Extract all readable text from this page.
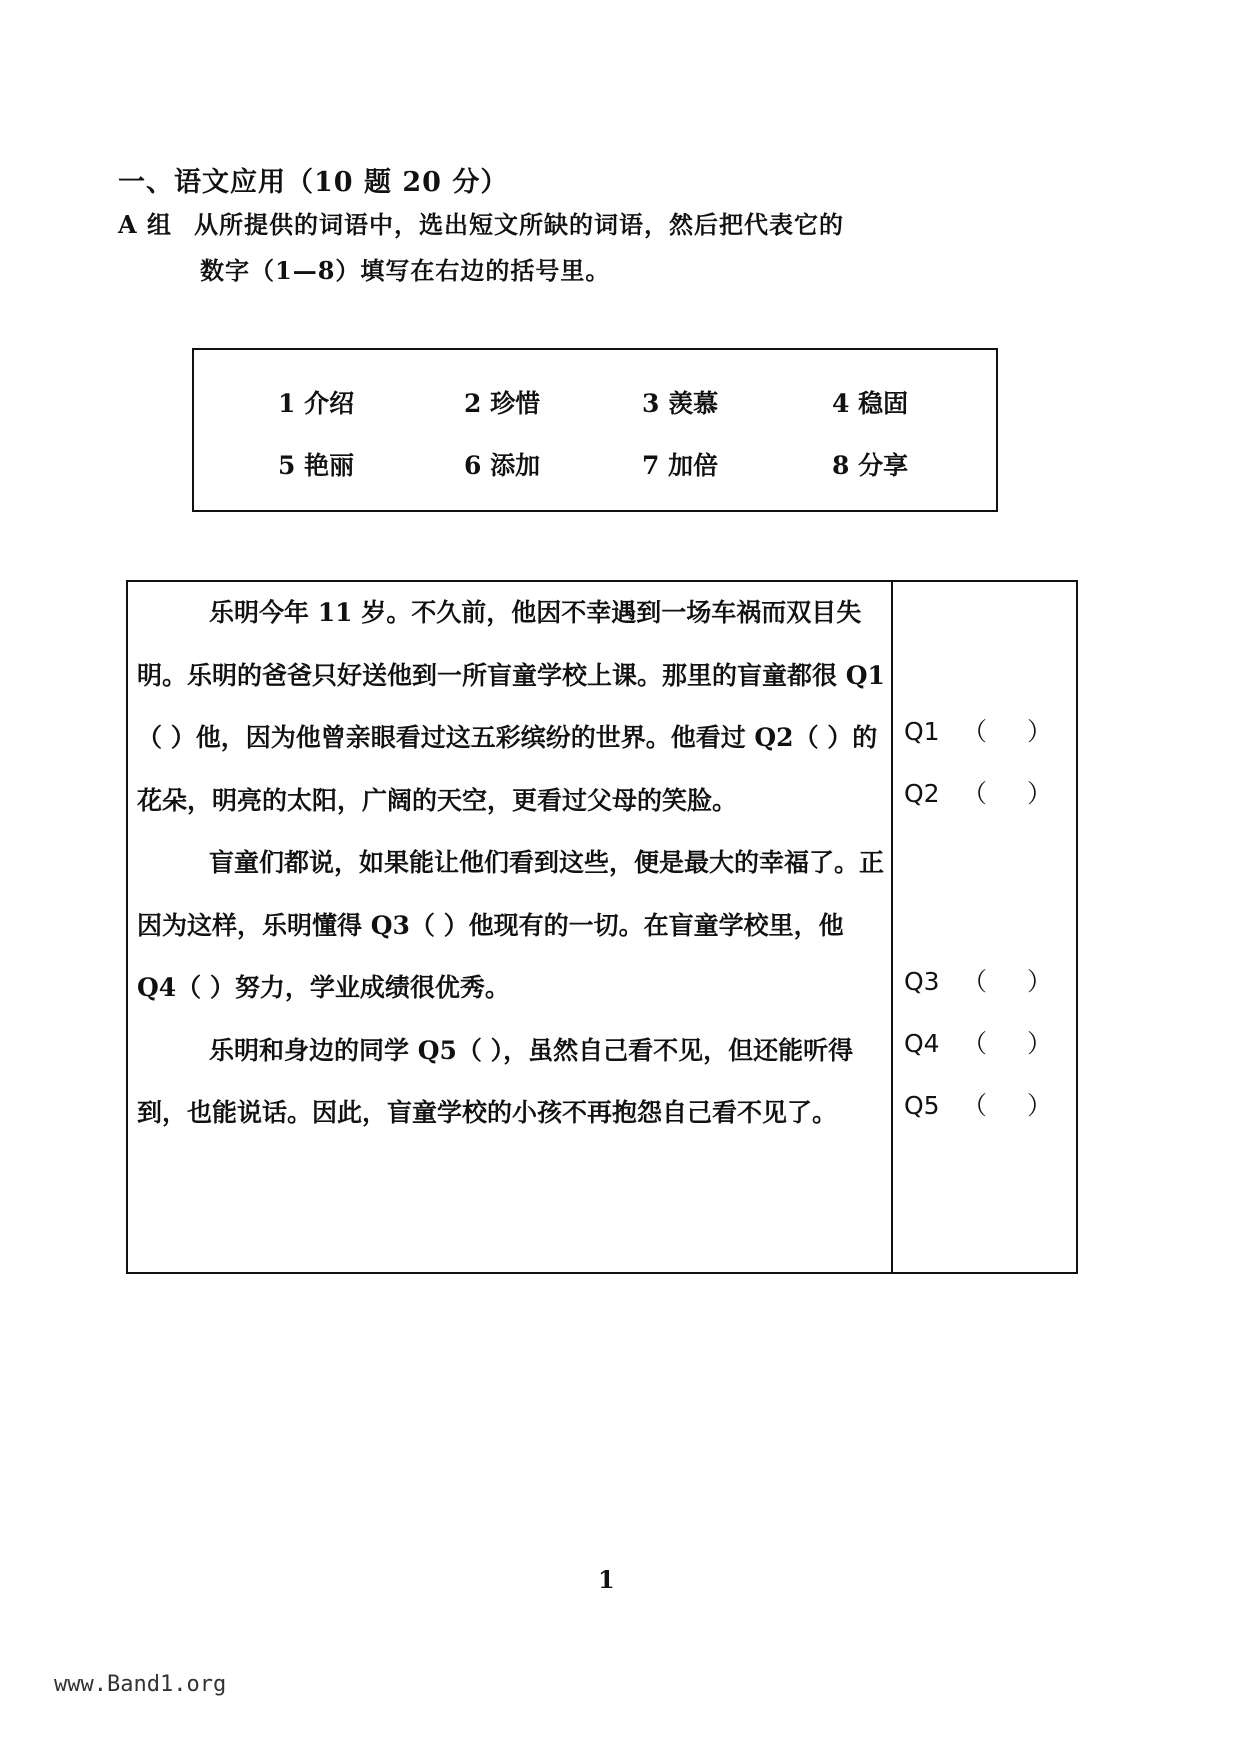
一、语文应用（10 题 20 分）
A 组 从所提供的词语中，选出短文所缺的词语，然后把代表它的
数字（1—8）填写在右边的括号里。
1 介绍	2 珍惜	3 羡慕	4 稳固
5 艳丽	6 添加	7 加倍	8 分享

乐明今年 11 岁。不久前，他因不幸遇到一场车祸而双目失明。乐明的爸爸只好送他到一所盲童学校上课。那里的盲童都很 Q1（ ）他，因为他曾亲眼看过这五彩缤纷的世界。他看过 Q2（ ）的花朵，明亮的太阳，广阔的天空，更看过父母的笑脸。

盲童们都说，如果能让他们看到这些，便是最大的幸福了。正因为这样，乐明懂得 Q3（ ）他现有的一切。在盲童学校里，他 Q4（ ）努力，学业成绩很优秀。

乐明和身边的同学 Q5（ ），虽然自己看不见，但还能听得到，也能说话。因此，盲童学校的小孩不再抱怨自己看不见了。

Q1 （ ）
Q2 （ ）
Q3 （ ）
Q4 （ ）
Q5 （ ）
1
www.Band1.org
